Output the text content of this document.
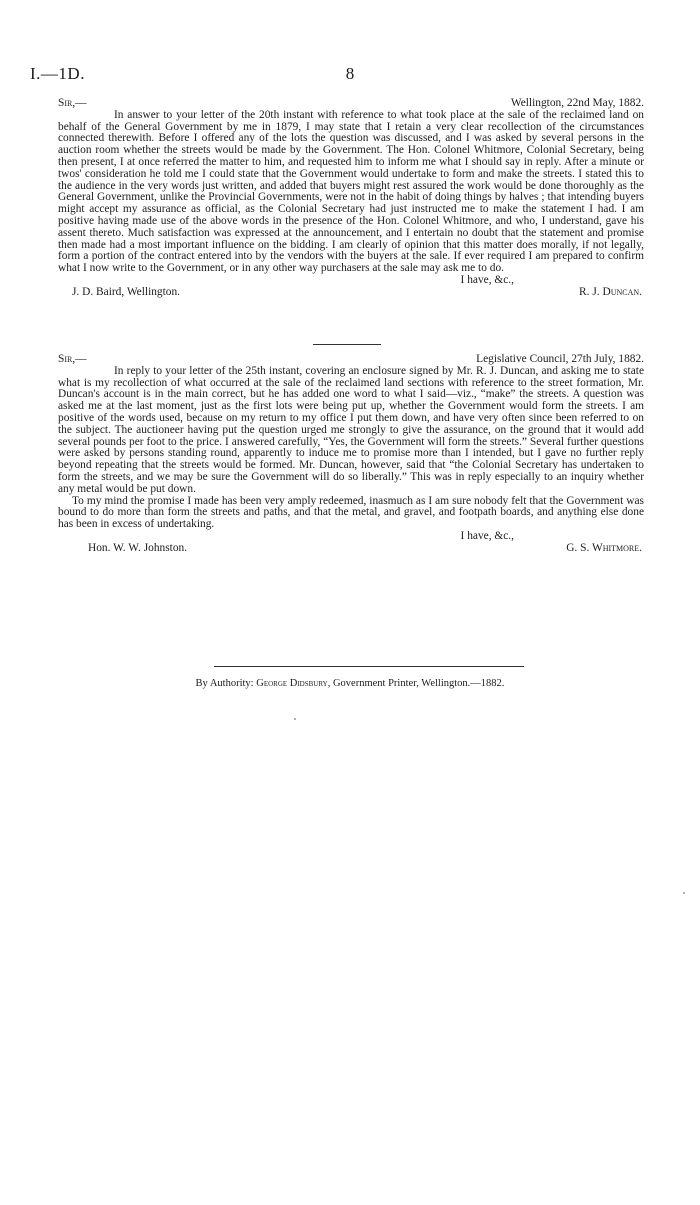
I.—1D.	8
Sir,—	Wellington, 22nd May, 1882.

In answer to your letter of the 20th instant with reference to what took place at the sale of the reclaimed land on behalf of the General Government by me in 1879, I may state that I retain a very clear recollection of the circumstances connected therewith. Before I offered any of the lots the question was discussed, and I was asked by several persons in the auction room whether the streets would be made by the Government. The Hon. Colonel Whitmore, Colonial Secretary, being then present, I at once referred the matter to him, and requested him to inform me what I should say in reply. After a minute or twos' consideration he told me I could state that the Government would undertake to form and make the streets. I stated this to the audience in the very words just written, and added that buyers might rest assured the work would be done thoroughly as the General Government, unlike the Provincial Governments, were not in the habit of doing things by halves ; that intending buyers might accept my assurance as official, as the Colonial Secretary had just instructed me to make the statement I had. I am positive having made use of the above words in the presence of the Hon. Colonel Whitmore, and who, I understand, gave his assent thereto. Much satisfaction was expressed at the announcement, and I entertain no doubt that the statement and promise then made had a most important influence on the bidding. I am clearly of opinion that this matter does morally, if not legally, form a portion of the contract entered into by the vendors with the buyers at the sale. If ever required I am prepared to confirm what I now write to the Government, or in any other way purchasers at the sale may ask me to do.

I have, &c.,
J. D. Baird, Wellington.	R. J. Duncan.
Sir,—	Legislative Council, 27th July, 1882.

In reply to your letter of the 25th instant, covering an enclosure signed by Mr. R. J. Duncan, and asking me to state what is my recollection of what occurred at the sale of the reclaimed land sections with reference to the street formation, Mr. Duncan's account is in the main correct, but he has added one word to what I said—viz., “make” the streets. A question was asked me at the last moment, just as the first lots were being put up, whether the Government would form the streets. I am positive of the words used, because on my return to my office I put them down, and have very often since been referred to on the subject. The auctioneer having put the question urged me strongly to give the assurance, on the ground that it would add several pounds per foot to the price. I answered carefully, “Yes, the Government will form the streets.” Several further questions were asked by persons standing round, apparently to induce me to promise more than I intended, but I gave no further reply beyond repeating that the streets would be formed. Mr. Duncan, however, said that “the Colonial Secretary has undertaken to form the streets, and we may be sure the Government will do so liberally.” This was in reply especially to an inquiry whether any metal would be put down.

To my mind the promise I made has been very amply redeemed, inasmuch as I am sure nobody felt that the Government was bound to do more than form the streets and paths, and that the metal, and gravel, and footpath boards, and anything else done has been in excess of undertaking.

I have, &c.,
Hon. W. W. Johnston.	G. S. Whitmore.
By Authority: George Didsbury, Government Printer, Wellington.—1882.
